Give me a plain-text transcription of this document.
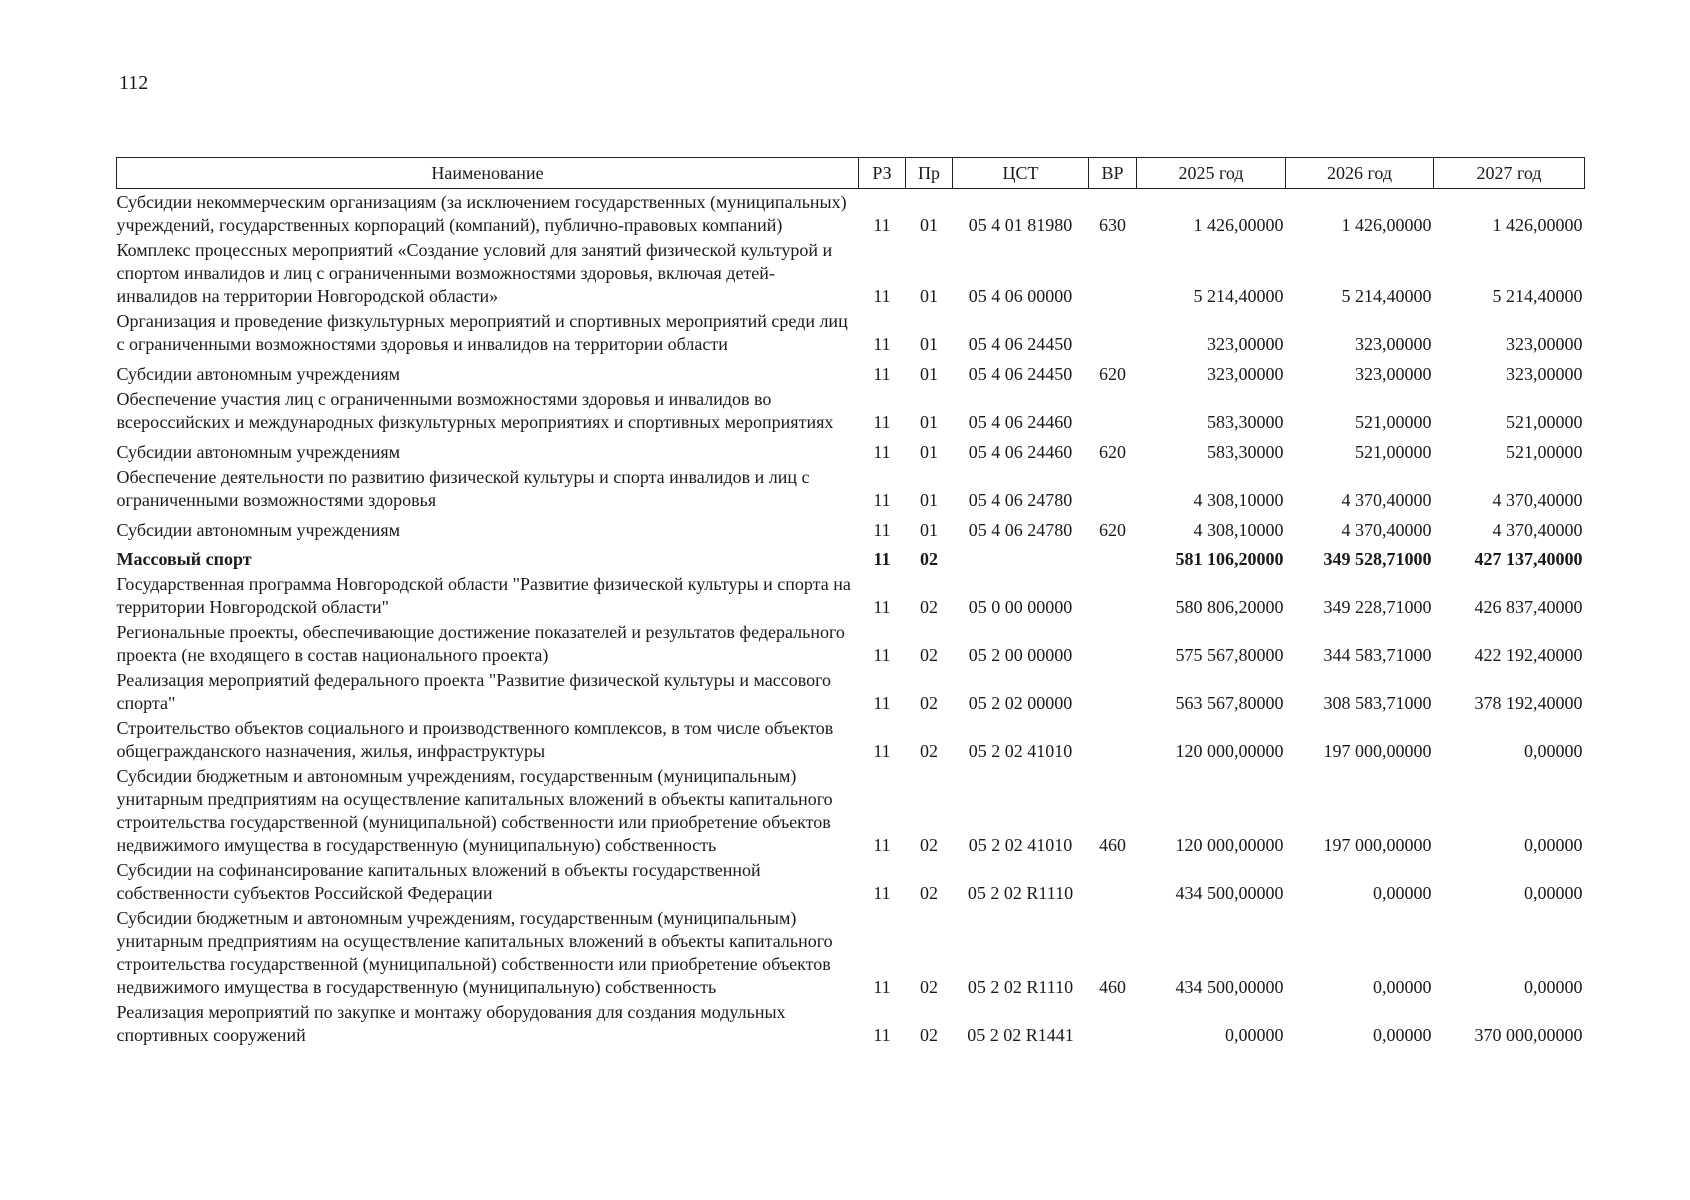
112
Наименование	РЗ	Пр	ЦСТ	ВР	2025 год	2026 год	2027 год
Субсидии некоммерческим организациям (за исключением государственных (муниципальных) учреждений, государственных корпораций (компаний), публично-правовых компаний)	11	01	05 4 01 81980	630	1 426,00000	1 426,00000	1 426,00000
Комплекс процессных мероприятий «Создание условий для занятий физической культурой и спортом инвалидов и лиц с ограниченными возможностями здоровья, включая детей-инвалидов на территории Новгородской области»	11	01	05 4 06 00000		5 214,40000	5 214,40000	5 214,40000
Организация и проведение физкультурных мероприятий и спортивных мероприятий среди лиц с ограниченными возможностями здоровья и инвалидов на территории области	11	01	05 4 06 24450		323,00000	323,00000	323,00000
Субсидии автономным учреждениям	11	01	05 4 06 24450	620	323,00000	323,00000	323,00000
Обеспечение участия лиц с ограниченными возможностями здоровья и инвалидов во всероссийских и международных физкультурных мероприятиях и спортивных мероприятиях	11	01	05 4 06 24460		583,30000	521,00000	521,00000
Субсидии автономным учреждениям	11	01	05 4 06 24460	620	583,30000	521,00000	521,00000
Обеспечение деятельности по развитию физической культуры и спорта инвалидов и лиц с ограниченными возможностями здоровья	11	01	05 4 06 24780		4 308,10000	4 370,40000	4 370,40000
Субсидии автономным учреждениям	11	01	05 4 06 24780	620	4 308,10000	4 370,40000	4 370,40000
Массовый спорт	11	02			581 106,20000	349 528,71000	427 137,40000
Государственная программа Новгородской области "Развитие физической культуры и спорта на территории Новгородской области"	11	02	05 0 00 00000		580 806,20000	349 228,71000	426 837,40000
Региональные проекты, обеспечивающие достижение показателей и результатов федерального проекта (не входящего в состав национального проекта)	11	02	05 2 00 00000		575 567,80000	344 583,71000	422 192,40000
Реализация мероприятий федерального проекта "Развитие физической культуры и массового спорта"	11	02	05 2 02 00000		563 567,80000	308 583,71000	378 192,40000
Строительство объектов социального и производственного комплексов, в том числе объектов общегражданского назначения, жилья, инфраструктуры	11	02	05 2 02 41010		120 000,00000	197 000,00000	0,00000
Субсидии бюджетным и автономным учреждениям, государственным (муниципальным) унитарным предприятиям на осуществление капитальных вложений в объекты капитального строительства государственной (муниципальной) собственности или приобретение объектов недвижимого имущества в государственную (муниципальную) собственность	11	02	05 2 02 41010	460	120 000,00000	197 000,00000	0,00000
Субсидии на софинансирование капитальных вложений в объекты государственной собственности субъектов Российской Федерации	11	02	05 2 02 R1110		434 500,00000	0,00000	0,00000
Субсидии бюджетным и автономным учреждениям, государственным (муниципальным) унитарным предприятиям на осуществление капитальных вложений в объекты капитального строительства государственной (муниципальной) собственности или приобретение объектов недвижимого имущества в государственную (муниципальную) собственность	11	02	05 2 02 R1110	460	434 500,00000	0,00000	0,00000
Реализация мероприятий по закупке и монтажу оборудования для создания модульных спортивных сооружений	11	02	05 2 02 R1441		0,00000	0,00000	370 000,00000
